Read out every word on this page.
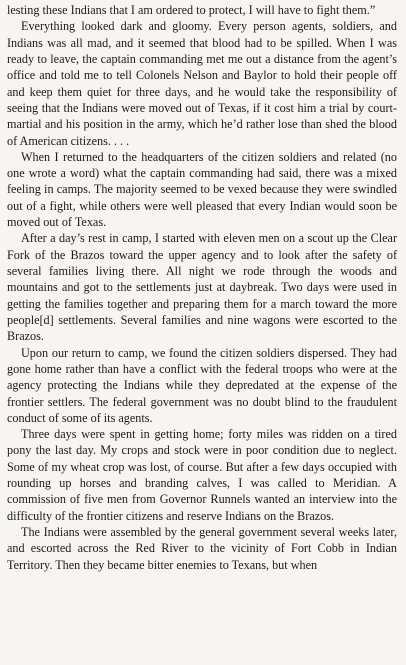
lesting these Indians that I am ordered to protect, I will have to fight them.”

Everything looked dark and gloomy. Every person agents, soldiers, and Indians was all mad, and it seemed that blood had to be spilled. When I was ready to leave, the captain commanding met me out a distance from the agent’s office and told me to tell Colonels Nelson and Baylor to hold their people off and keep them quiet for three days, and he would take the responsibility of seeing that the Indians were moved out of Texas, if it cost him a trial by court-martial and his position in the army, which he’d rather lose than shed the blood of American citizens. . . .

When I returned to the headquarters of the citizen soldiers and related (no one wrote a word) what the captain commanding had said, there was a mixed feeling in camps. The majority seemed to be vexed because they were swindled out of a fight, while others were well pleased that every Indian would soon be moved out of Texas.

After a day’s rest in camp, I started with eleven men on a scout up the Clear Fork of the Brazos toward the upper agency and to look after the safety of several families living there. All night we rode through the woods and mountains and got to the settlements just at daybreak. Two days were used in getting the families together and preparing them for a march toward the more people[d] settlements. Several families and nine wagons were escorted to the Brazos.

Upon our return to camp, we found the citizen soldiers dispersed. They had gone home rather than have a conflict with the federal troops who were at the agency protecting the Indians while they depredated at the expense of the frontier settlers. The federal government was no doubt blind to the fraudulent conduct of some of its agents.

Three days were spent in getting home; forty miles was ridden on a tired pony the last day. My crops and stock were in poor condition due to neglect. Some of my wheat crop was lost, of course. But after a few days occupied with rounding up horses and branding calves, I was called to Meridian. A commission of five men from Governor Runnels wanted an interview into the difficulty of the frontier citizens and reserve Indians on the Brazos.

The Indians were assembled by the general government several weeks later, and escorted across the Red River to the vicinity of Fort Cobb in Indian Territory. Then they became bitter enemies to Texans, but when
